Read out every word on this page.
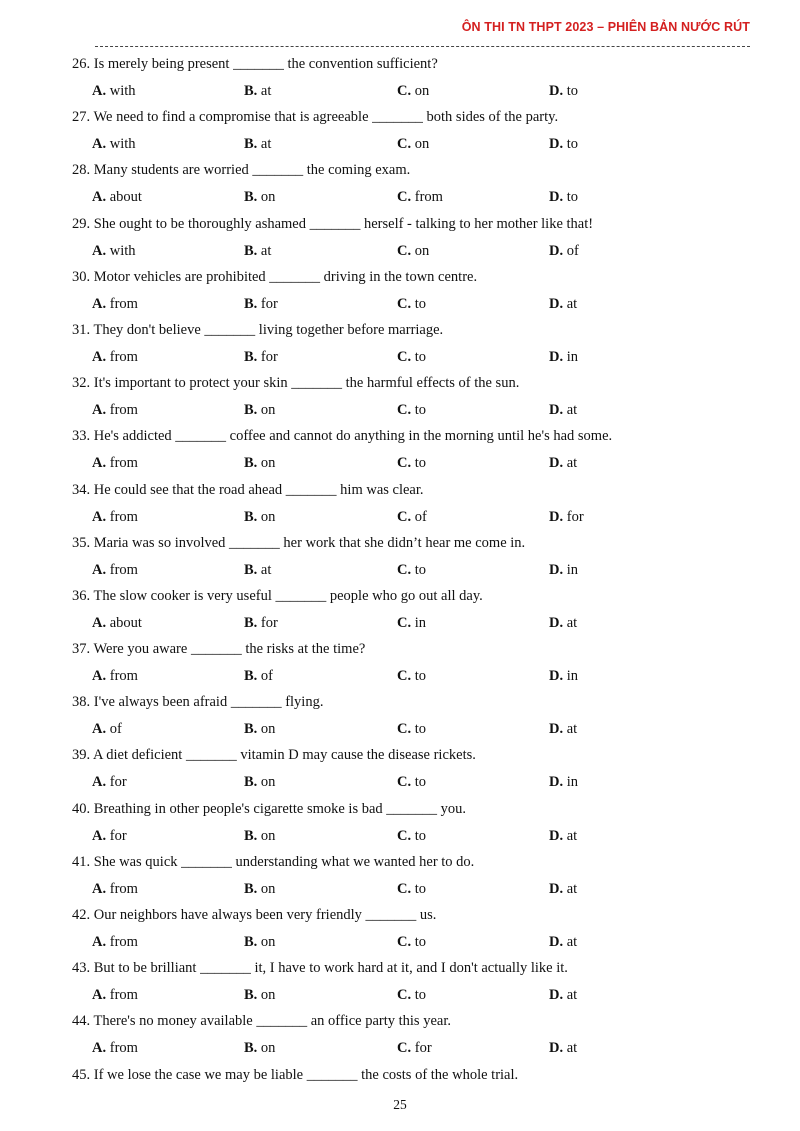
ÔN THI TN THPT 2023 – PHIÊN BẢN NƯỚC RÚT
26. Is merely being present _______ the convention sufficient?
A. with	B. at	C. on	D. to
27. We need to find a compromise that is agreeable _______ both sides of the party.
A. with	B. at	C. on	D. to
28. Many students are worried _______ the coming exam.
A. about	B. on	C. from	D. to
29. She ought to be thoroughly ashamed _______ herself - talking to her mother like that!
A. with	B. at	C. on	D. of
30. Motor vehicles are prohibited _______ driving in the town centre.
A. from	B. for	C. to	D. at
31. They don't believe _______ living together before marriage.
A. from	B. for	C. to	D. in
32. It's important to protect your skin _______ the harmful effects of the sun.
A. from	B. on	C. to	D. at
33. He's addicted _______ coffee and cannot do anything in the morning until he's had some.
A. from	B. on	C. to	D. at
34. He could see that the road ahead _______ him was clear.
A. from	B. on	C. of	D. for
35. Maria was so involved _______ her work that she didn’t hear me come in.
A. from	B. at	C. to	D. in
36. The slow cooker is very useful _______ people who go out all day.
A. about	B. for	C. in	D. at
37. Were you aware _______ the risks at the time?
A. from	B. of	C. to	D. in
38. I've always been afraid _______ flying.
A. of	B. on	C. to	D. at
39. A diet deficient _______ vitamin D may cause the disease rickets.
A. for	B. on	C. to	D. in
40. Breathing in other people's cigarette smoke is bad _______ you.
A. for	B. on	C. to	D. at
41. She was quick _______ understanding what we wanted her to do.
A. from	B. on	C. to	D. at
42. Our neighbors have always been very friendly _______ us.
A. from	B. on	C. to	D. at
43. But to be brilliant _______ it, I have to work hard at it, and I don't actually like it.
A. from	B. on	C. to	D. at
44. There's no money available _______ an office party this year.
A. from	B. on	C. for	D. at
45. If we lose the case we may be liable _______ the costs of the whole trial.
25
